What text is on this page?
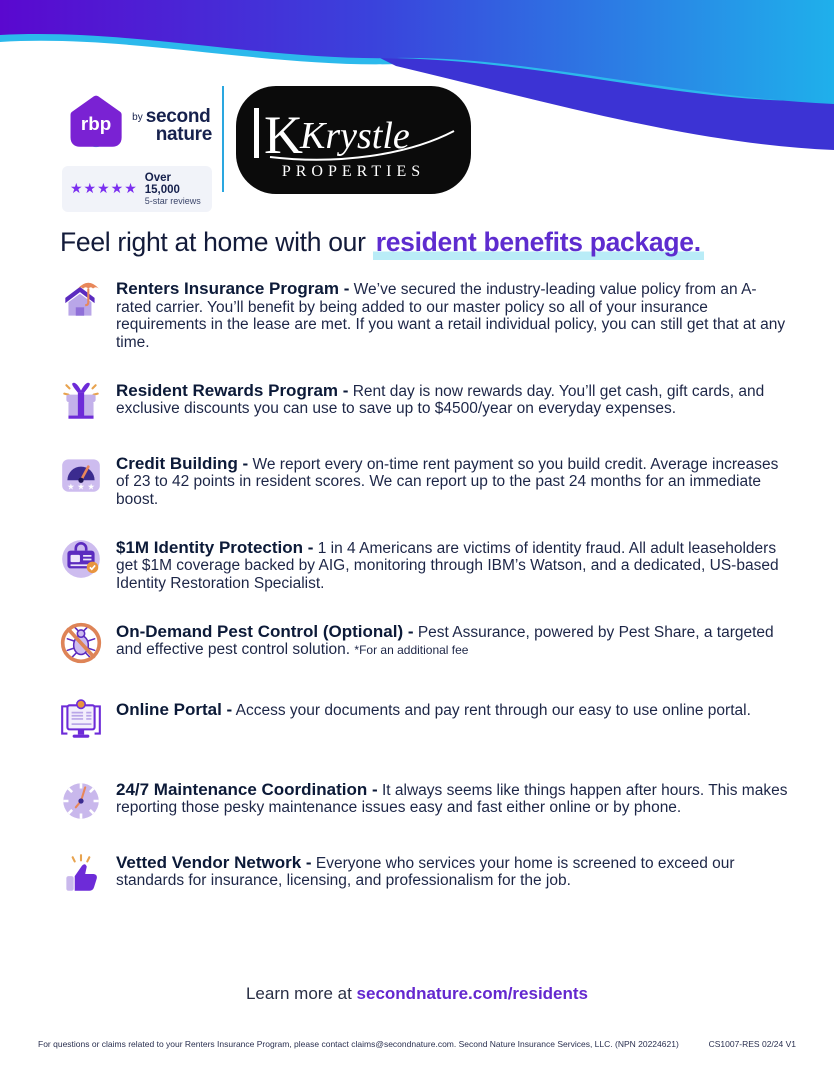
rbp by second
nature
★★★★★
Over 15,000
5-star reviews
K
Krystle
PROPERTIES
Feel right at home with our resident benefits package.

Renters Insurance Program - We’ve secured the industry-leading value policy from an A-rated carrier. You’ll benefit by being added to our master policy so all of your insurance requirements in the lease are met. If you want a retail individual policy, you can still get that at any time.

Resident Rewards Program - Rent day is now rewards day. You’ll get cash, gift cards, and exclusive discounts you can use to save up to $4500/year on everyday expenses.

★ ★ ★

Credit Building - We report every on-time rent payment so you build credit. Average increases of 23 to 42 points in resident scores. We can report up to the past 24 months for an immediate boost.

$1M Identity Protection - 1 in 4 Americans are victims of identity fraud. All adult leaseholders get $1M coverage backed by AIG, monitoring through IBM’s Watson, and a dedicated, US-based Identity Restoration Specialist.

On-Demand Pest Control (Optional) - Pest Assurance, powered by Pest Share, a targeted and effective pest control solution. *For an additional fee

Online Portal - Access your documents and pay rent through our easy to use online portal.

24/7 Maintenance Coordination - It always seems like things happen after hours. This makes reporting those pesky maintenance issues easy and fast either online or by phone.

Vetted Vendor Network - Everyone who services your home is screened to exceed our standards for insurance, licensing, and professionalism for the job.

Learn more at secondnature.com/residents
For questions or claims related to your Renters Insurance Program, please contact claims@secondnature.com. Second Nature Insurance Services, LLC. (NPN 20224621)	CS1007-RES 02/24 V1
